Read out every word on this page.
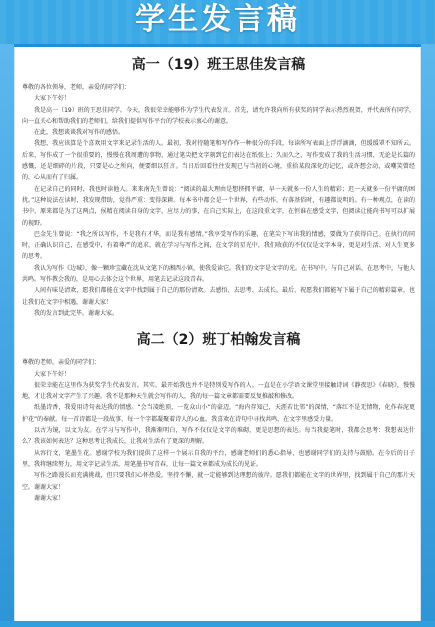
学生发言稿
高一（19）班王思佳发言稿

尊敬的各位领导，老师，亲爱的同学们：

大家下午好！

我是高一（19）班的王思佳同学。今天，我很荣幸能够作为学生代表发言。首先，请允许我向所有获奖的同学表示热烈祝贺，并代表所有同学，向一直关心和帮助我们的老师们，给我们提供写作平台的学校表示衷心的谢意。

在此，我想谈谈我对写作的感悟。

我想，我应该算是个喜欢用文字来记录生活的人。最初，我对待随笔和写作作一种很分的手段，每读所写表面上浮浮滴滴，但缓缓罩不知所云。后来，写作成了一个很重要的，慢慢在我周遭的事物，通过笔尖把文字刻到它们表达在纸张上；久而久之，写作变成了我的生活习惯，无论是长篇的感慨，还是细碎的片段，只要是心之所向，便要细以狂言。当日后回看往往发现已与当初的心境，重拾某段深化的记忆，或许想会动，或嘲笑曾经的，心从而有了归属。

在记录自己的同时，我也时读他人。来来南先生曾说：“阅读的最大理由是想挤拥平庸，早一天就多一份人生的精彩；迟一天就多一份平庸的困扰。”这种说法在读时，我发现借助，觉得严重：变得深耕。每本书中都会是一个世界，有些动作，有落基俗时，有趣都说明的。有一种观点，在读的书中，原来都是为了这两点，侯精在阅读自身的文字，应尽力的事，在自己实际上，在这段重文字，在恒谁在感受文字，但阅读让能尚书写可以扩展的视野。

巴金先生曾说：“我之所以写作，不是我有才华，而是我有感情。”我享受写作的乐趣，在笔尖下写出我的情感，要做为了获得自己。在执行的同时，正确认识自己，在感受中，有着尊严的追求。就在学习与写作之间，在文学的星光中，我们收获的不仅仅是文字本身，更是对生活、对人生更多的思考。

我认为写作《边城》，像一颗珍宝藏在沈从文笔下的湘西小镇，使我爱读它。我们的文字是文字的光。在书写中，与自己对话，在思考中，与他人共鸣。写作教会我的，是用心去体会这个世界，用笔去记录这段青春。

人间有味是清欢，愿我们都能在文字中找到属于自己的那份清欢。去感悟、去思考、去成长。最后，祝愿我们都能写下属于自己的精彩篇章，也让我们在文字中相遇，谢谢大家！

我的发言到此完毕，谢谢大家。

高二（2）班丁柏翰发言稿

尊敬的老师，亲爱的同学们：

大家下午好！

很荣幸能在这里作为获奖学生代表发言。其实，最开始我也并不是特别爱写作的人。一直是在小学语文课堂里接触诗词《静夜思》《春晓》，慢慢地，才让我对文字产生了兴趣。我不是那种天生就会写作的人，我的每一篇文章都需要反复推敲和修改。

纸墨诗香，我爱用诗句表达我的情感。“会当凌绝顶，一览众山小”的豪迈，“海内存知己，天涯若比邻”的深情，“落红不是无情物，化作春泥更护花”的奉献。每一首诗都是一段故事，每一个字都凝聚着诗人的心血。我喜欢在诗句中寻找共鸣，在文字里感受力量。

以古为镜，以文为友。在学习与写作中，我渐渐明白，写作不仅仅是文字的堆砌，更是思想的表达。每当我提笔时，我都会思考：我想表达什么？我该如何表达？这种思考让我成长，让我对生活有了更深的理解。

从容行文，笔墨生花。感谢学校为我们提供了这样一个展示自我的平台，感谢老师们的悉心指导，也感谢同学们的支持与鼓励。在今后的日子里，我将继续努力，用文字记录生活，用笔墨书写青春，让每一篇文章都成为成长的见证。

写作之路漫长而充满挑战，但只要我们心怀热爱，坚持不懈，就一定能够到达理想的彼岸。愿我们都能在文字的世界里，找到属于自己的那片天空。谢谢大家！

谢谢大家！
